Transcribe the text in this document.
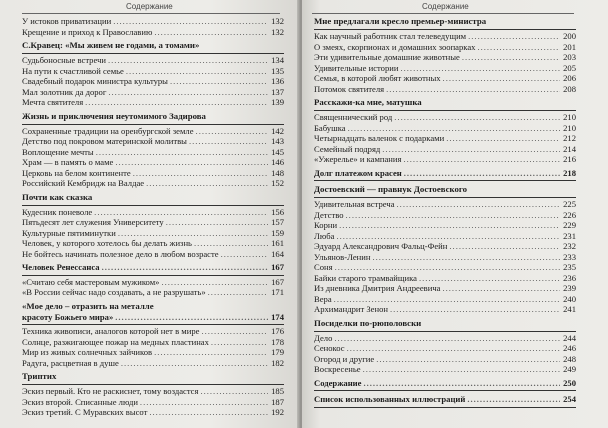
Содержание
У истоков приватизации .....	132
Крещение и приход к Православию .....	132
С.Кравец: «Мы живем не годами, а томами»
Судьбоносные встречи .....	134
На пути к счастливой семье .....	135
Свадебный подарок министра культуры .....	136
Мал золотник да дорог .....	137
Мечта святителя .....	139
Жизнь и приключения неутомимого Задирова
Сохраненные традиции на оренбургской земле .....	142
Детство под покровом материнской молитвы .....	143
Воплощение мечты .....	145
Храм — в память о маме .....	146
Церковь на белом континенте .....	148
Российский Кембридж на Валдае .....	152
Почти как сказка
Кудесник поневоле .....	156
Пятьдесят лет служения Университету .....	157
Культурные пятиминутки .....	159
Человек, у которого хотелось бы делать жизнь .....	161
Не бойтесь начинать полезное дело в любом возрасте .....	164
Человек Ренессанса .....	167
«Считаю себя мастеровым мужиком» .....	167
«В России сейчас надо создавать, а не разрушать» .....	171
«Мое дело – отразить на металле
красоту Божьего мира» .....	174
Техника живописи, аналогов которой нет в мире .....	176
Солнце, разжигающее пожар на медных пластинах .....	178
Мир из живых солнечных зайчиков .....	179
Радуга, расцветная в душе .....	182
Триптих
Эскиз первый. Кто не раскиснет, тому воздастся .....	185
Эскиз второй. Списанные люди .....	187
Эскиз третий. С Муравских высот .....	192
Содержание
Мне предлагали кресло премьер-министра
Как научный работник стал телеведущим .....	200
О змеях, скорпионах и домашних зоопарках .....	201
Эти удивительные домашние животные .....	203
Удивительные истории .....	205
Семья, в которой любят животных .....	206
Потомок святителя .....	208
Расскажи-ка мне, матушка
Священнический род .....	210
Бабушка .....	210
Четырнадцать валенок с подарками .....	212
Семейный подряд .....	214
«Ужерелье» и кампания .....	216
Долг платежом красен .....	218
Достоевский — правнук Достоевского
Удивительная встреча .....	225
Детство .....	226
Корни .....	229
Люба .....	231
Эдуард Александрович Фальц-Фейн .....	232
Ульянов-Ленин .....	233
Соня .....	235
Байки старого трамвайщика .....	236
Из дневника Дмитрия Андреевича .....	239
Вера .....	240
Архимандрит Зенон .....	241
Посиделки по-рюполовски
Дело .....	244
Сенокос .....	246
Огород и другие .....	248
Воскресенье .....	249
Содержание .....	250
Список использованных иллюстраций .....	254
